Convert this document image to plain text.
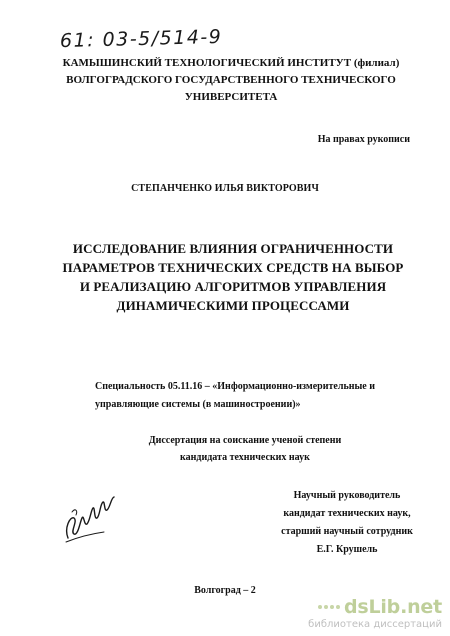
61: 03-5/514-9
КАМЫШИНСКИЙ ТЕХНОЛОГИЧЕСКИЙ ИНСТИТУТ (филиал)
ВОЛГОГРАДСКОГО ГОСУДАРСТВЕННОГО ТЕХНИЧЕСКОГО
УНИВЕРСИТЕТА
На правах рукописи
СТЕПАНЧЕНКО ИЛЬЯ ВИКТОРОВИЧ
ИССЛЕДОВАНИЕ ВЛИЯНИЯ ОГРАНИЧЕННОСТИ
ПАРАМЕТРОВ ТЕХНИЧЕСКИХ СРЕДСТВ НА ВЫБОР
И РЕАЛИЗАЦИЮ АЛГОРИТМОВ УПРАВЛЕНИЯ
ДИНАМИЧЕСКИМИ ПРОЦЕССАМИ
Специальность 05.11.16 – «Информационно-измерительные и
управляющие системы (в машиностроении)»
Диссертация на соискание ученой степени
кандидата технических наук
Научный руководитель
кандидат технических наук,
старший научный сотрудник
Е.Г. Крушель
Волгоград – 2
dsLib.net
библиотека диссертаций
